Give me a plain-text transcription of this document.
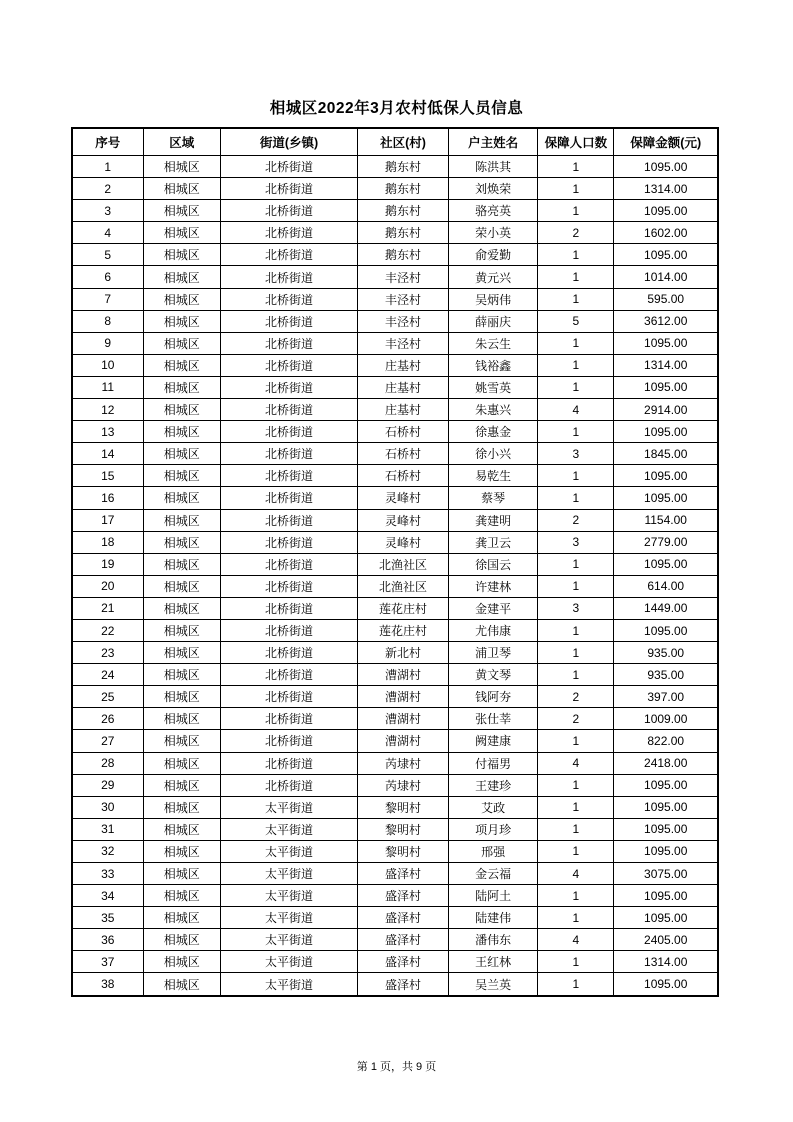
相城区2022年3月农村低保人员信息
序号	区域	街道(乡镇)	社区(村)	户主姓名	保障人口数	保障金额(元)
1	相城区	北桥街道	鹅东村	陈洪其	1	1095.00
2	相城区	北桥街道	鹅东村	刘焕荣	1	1314.00
3	相城区	北桥街道	鹅东村	骆亮英	1	1095.00
4	相城区	北桥街道	鹅东村	荣小英	2	1602.00
5	相城区	北桥街道	鹅东村	俞爱勤	1	1095.00
6	相城区	北桥街道	丰泾村	黄元兴	1	1014.00
7	相城区	北桥街道	丰泾村	吴炳伟	1	595.00
8	相城区	北桥街道	丰泾村	薛丽庆	5	3612.00
9	相城区	北桥街道	丰泾村	朱云生	1	1095.00
10	相城区	北桥街道	庄基村	钱裕鑫	1	1314.00
11	相城区	北桥街道	庄基村	姚雪英	1	1095.00
12	相城区	北桥街道	庄基村	朱惠兴	4	2914.00
13	相城区	北桥街道	石桥村	徐惠金	1	1095.00
14	相城区	北桥街道	石桥村	徐小兴	3	1845.00
15	相城区	北桥街道	石桥村	易乾生	1	1095.00
16	相城区	北桥街道	灵峰村	蔡琴	1	1095.00
17	相城区	北桥街道	灵峰村	龚建明	2	1154.00
18	相城区	北桥街道	灵峰村	龚卫云	3	2779.00
19	相城区	北桥街道	北渔社区	徐国云	1	1095.00
20	相城区	北桥街道	北渔社区	许建林	1	614.00
21	相城区	北桥街道	莲花庄村	金建平	3	1449.00
22	相城区	北桥街道	莲花庄村	尤伟康	1	1095.00
23	相城区	北桥街道	新北村	浦卫琴	1	935.00
24	相城区	北桥街道	漕湖村	黄文琴	1	935.00
25	相城区	北桥街道	漕湖村	钱阿夯	2	397.00
26	相城区	北桥街道	漕湖村	张仕莘	2	1009.00
27	相城区	北桥街道	漕湖村	阙建康	1	822.00
28	相城区	北桥街道	芮埭村	付福男	4	2418.00
29	相城区	北桥街道	芮埭村	王建珍	1	1095.00
30	相城区	太平街道	黎明村	艾政	1	1095.00
31	相城区	太平街道	黎明村	项月珍	1	1095.00
32	相城区	太平街道	黎明村	邢强	1	1095.00
33	相城区	太平街道	盛泽村	金云福	4	3075.00
34	相城区	太平街道	盛泽村	陆阿土	1	1095.00
35	相城区	太平街道	盛泽村	陆建伟	1	1095.00
36	相城区	太平街道	盛泽村	潘伟东	4	2405.00
37	相城区	太平街道	盛泽村	王红林	1	1314.00
38	相城区	太平街道	盛泽村	吴兰英	1	1095.00
第 1 页，共 9 页
